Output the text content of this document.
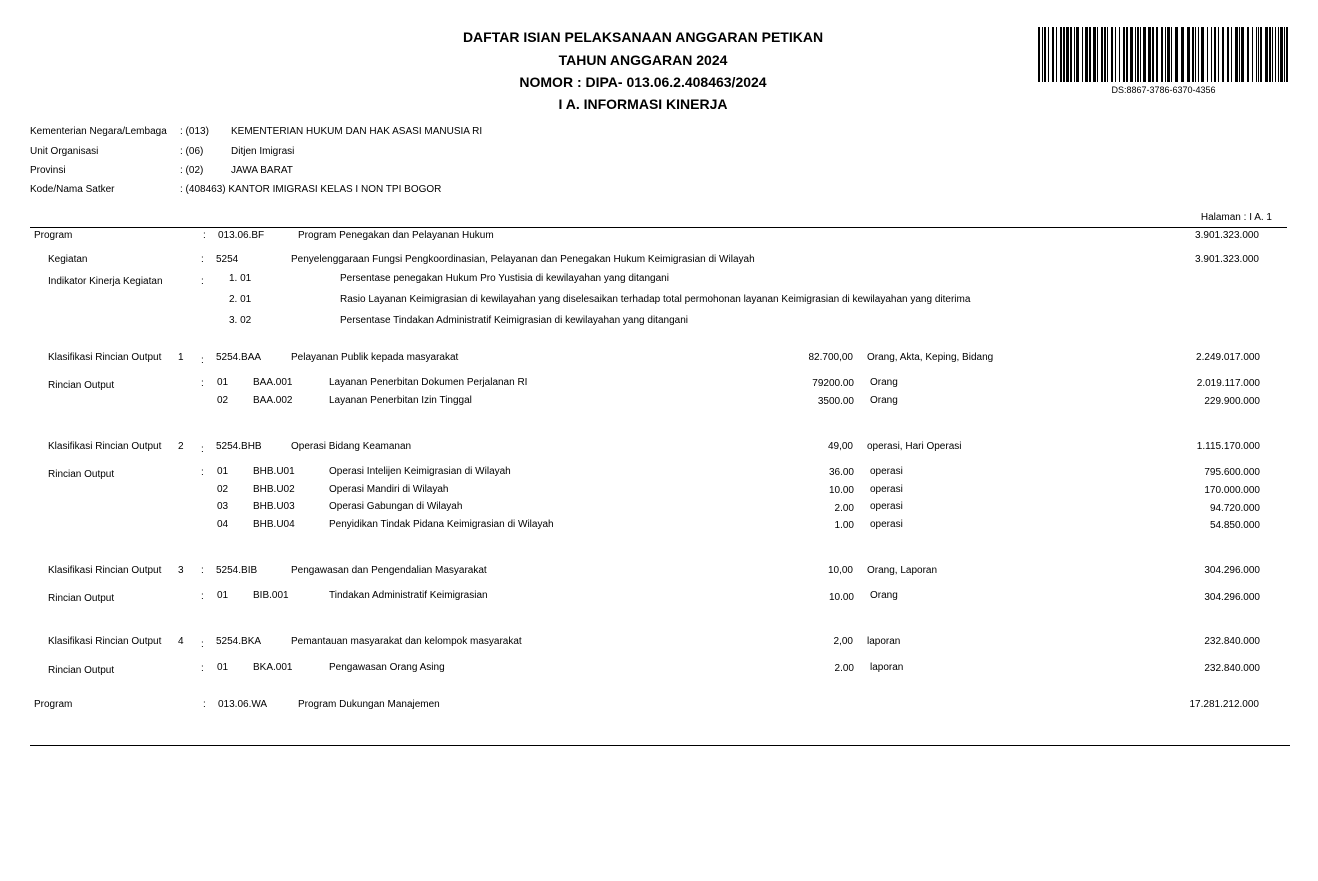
DAFTAR ISIAN PELAKSANAAN ANGGARAN PETIKAN
TAHUN ANGGARAN 2024
NOMOR : DIPA- 013.06.2.408463/2024
I A. INFORMASI KINERJA
DS:8867-3786-6370-4356
Kementerian Negara/Lembaga : (013) KEMENTERIAN HUKUM DAN HAK ASASI MANUSIA RI
Unit Organisasi	: (06)	Ditjen Imigrasi
Provinsi	: (02)	JAWA BARAT
Kode/Nama Satker	: (408463) KANTOR IMIGRASI KELAS I NON TPI BOGOR
Halaman : I A. 1
Program	: 013.06.BF	Program Penegakan dan Pelayanan Hukum	3.901.323.000
Kegiatan	: 5254	Penyelenggaraan Fungsi Pengkoordinasian, Pelayanan dan Penegakan Hukum Keimigrasian di Wilayah	3.901.323.000
Indikator Kinerja Kegiatan	:	1. 01	Persentase penegakan Hukum Pro Yustisia di kewilayahan yang ditangani
2. 01	Rasio Layanan Keimigrasian di kewilayahan yang diselesaikan terhadap total permohonan layanan Keimigrasian di kewilayahan yang diterima
3. 02	Persentase Tindakan Administratif Keimigrasian di kewilayahan yang ditangani
Klasifikasi Rincian Output 1 : 5254.BAA	Pelayanan Publik kepada masyarakat	82.700,00 Orang, Akta, Keping, Bidang	2.249.017.000
Rincian Output	: 01 BAA.001	Layanan Penerbitan Dokumen Perjalanan RI	79200.00 Orang	2.019.117.000
02 BAA.002	Layanan Penerbitan Izin Tinggal	3500.00 Orang	229.900.000
Klasifikasi Rincian Output 2 : 5254.BHB	Operasi Bidang Keamanan	49,00 operasi, Hari Operasi	1.115.170.000
Rincian Output	: 01 BHB.U01	Operasi Intelijen Keimigrasian di Wilayah	36.00 operasi	795.600.000
02 BHB.U02	Operasi Mandiri di Wilayah	10.00 operasi	170.000.000
03 BHB.U03	Operasi Gabungan di Wilayah	2.00 operasi	94.720.000
04 BHB.U04	Penyidikan Tindak Pidana Keimigrasian di Wilayah	1.00 operasi	54.850.000
Klasifikasi Rincian Output 3 : 5254.BIB	Pengawasan dan Pengendalian Masyarakat	10,00 Orang, Laporan	304.296.000
Rincian Output	: 01 BIB.001	Tindakan Administratif Keimigrasian	10.00 Orang	304.296.000
Klasifikasi Rincian Output 4 : 5254.BKA	Pemantauan masyarakat dan kelompok masyarakat	2,00 laporan	232.840.000
Rincian Output	: 01 BKA.001	Pengawasan Orang Asing	2.00 laporan	232.840.000
Program	: 013.06.WA	Program Dukungan Manajemen	17.281.212.000
